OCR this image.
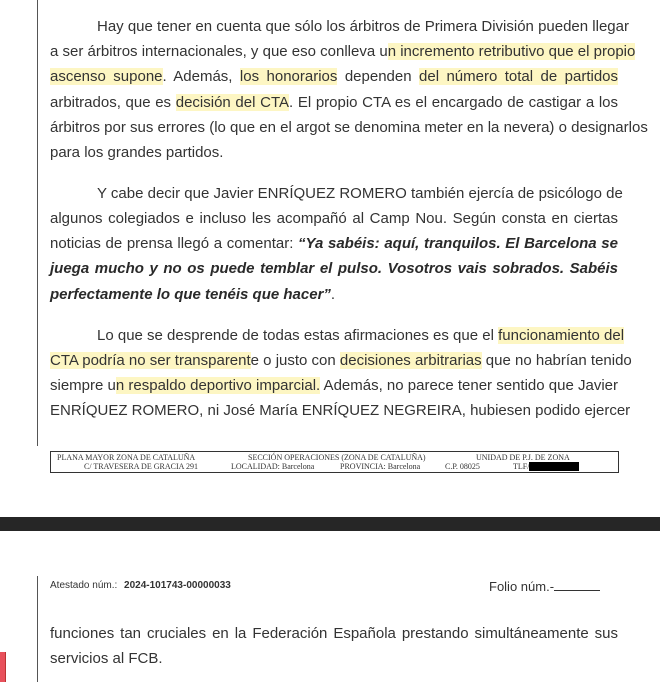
Hay que tener en cuenta que sólo los árbitros de Primera División pueden llegar
a ser árbitros internacionales, y que eso conlleva un incremento retributivo que el propio
ascenso supone. Además, los honorarios dependen del número total de partidos
arbitrados, que es decisión del CTA. El propio CTA es el encargado de castigar a los
árbitros por sus errores (lo que en el argot se denomina meter en la nevera) o designarlos
para los grandes partidos.
Y cabe decir que Javier ENRÍQUEZ ROMERO también ejercía de psicólogo de
algunos colegiados e incluso les acompañó al Camp Nou. Según consta en ciertas
noticias de prensa llegó a comentar: “Ya sabéis: aquí, tranquilos. El Barcelona se
juega mucho y no os puede temblar el pulso. Vosotros vais sobrados. Sabéis
perfectamente lo que tenéis que hacer”.
Lo que se desprende de todas estas afirmaciones es que el funcionamiento del
CTA podría no ser transparente o justo con decisiones arbitrarias que no habrían tenido
siempre un respaldo deportivo imparcial. Además, no parece tener sentido que Javier
ENRÍQUEZ ROMERO, ni José María ENRÍQUEZ NEGREIRA, hubiesen podido ejercer
PLANA MAYOR ZONA DE CATALUÑA	SECCIÓN OPERACIONES (ZONA DE CATALUÑA)	UNIDAD DE P.J. DE ZONA
C/ TRAVESERA DE GRACIA 291	LOCALIDAD: Barcelona	PROVINCIA: Barcelona	C.P. 08025	TLF/
Atestado núm.: 2024-101743-00000033	Folio núm.-
funciones tan cruciales en la Federación Española prestando simultáneamente sus
servicios al FCB.
